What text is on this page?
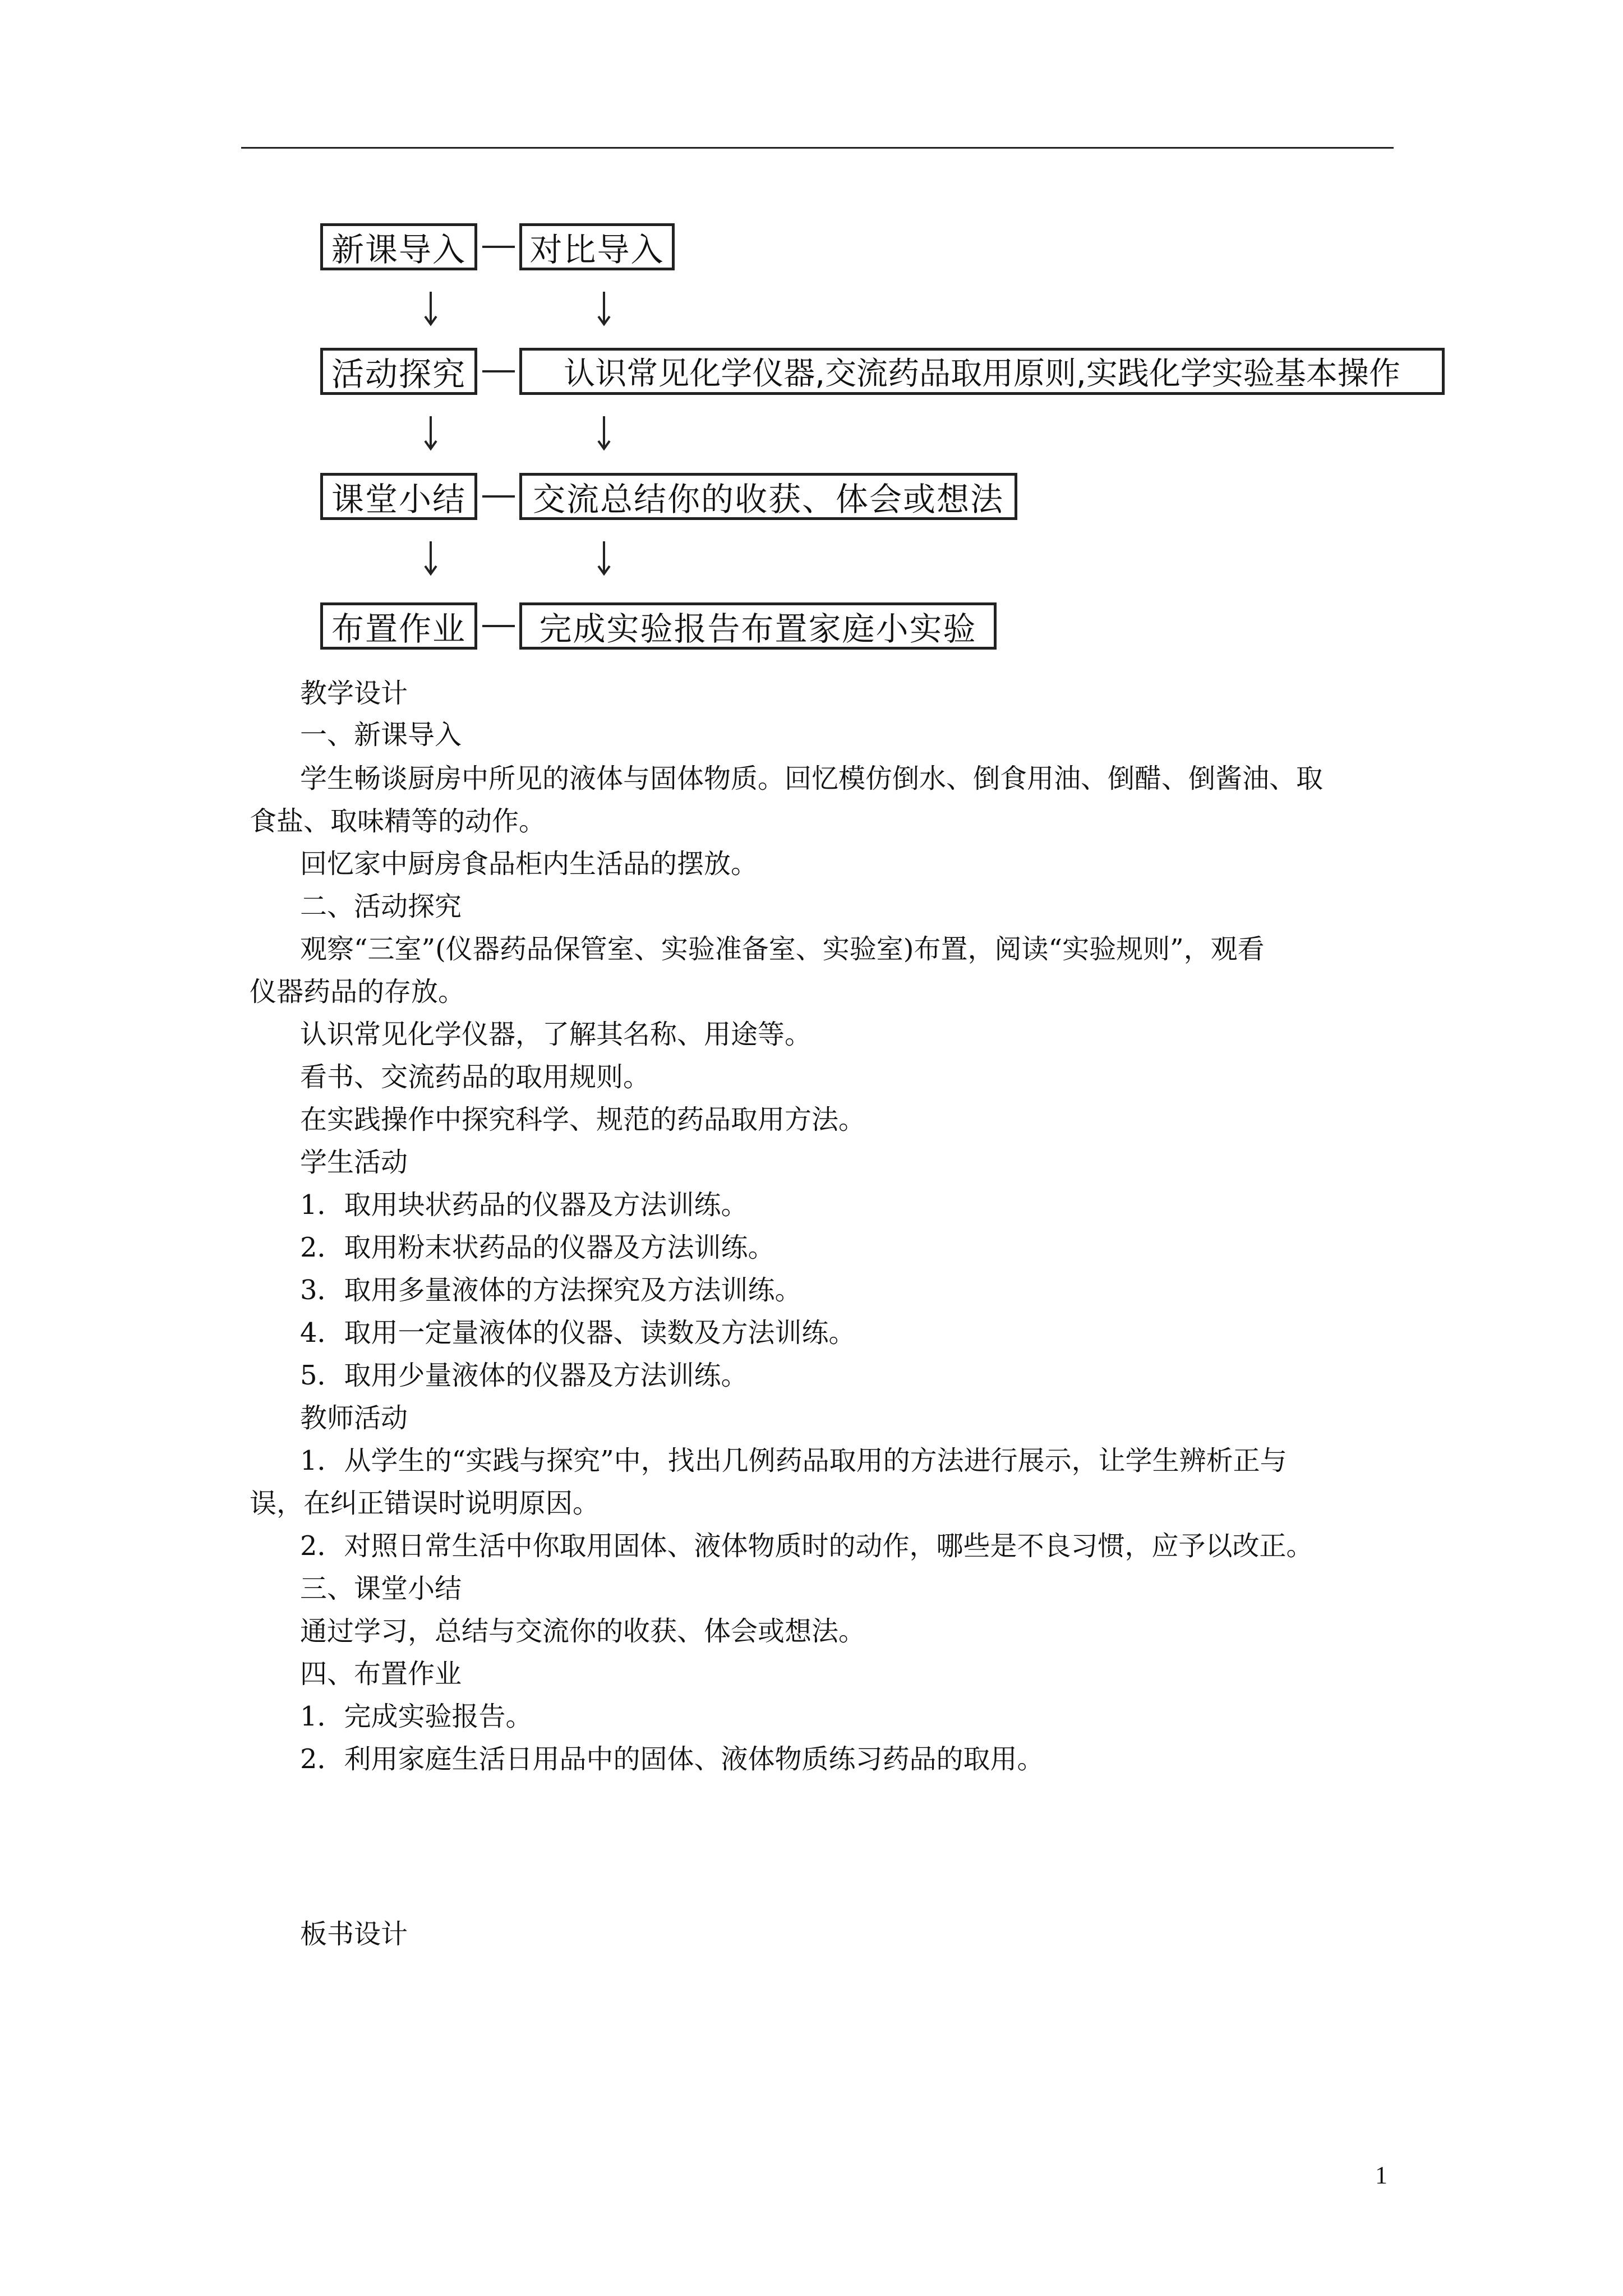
新课导入	对比导入
活动探究	认识常见化学仪器,交流药品取用原则,实践化学实验基本操作
课堂小结	交流总结你的收获、体会或想法
布置作业	完成实验报告布置家庭小实验
教学设计
一、新课导入
学生畅谈厨房中所见的液体与固体物质。回忆模仿倒水、倒食用油、倒醋、倒酱油、取
食盐、取味精等的动作。
回忆家中厨房食品柜内生活品的摆放。
二、活动探究
观察“三室”(仪器药品保管室、实验准备室、实验室)布置，阅读“实验规则”，观看
仪器药品的存放。
认识常见化学仪器，了解其名称、用途等。
看书、交流药品的取用规则。
在实践操作中探究科学、规范的药品取用方法。
学生活动
1．取用块状药品的仪器及方法训练。
2．取用粉末状药品的仪器及方法训练。
3．取用多量液体的方法探究及方法训练。
4．取用一定量液体的仪器、读数及方法训练。
5．取用少量液体的仪器及方法训练。
教师活动
1．从学生的“实践与探究”中，找出几例药品取用的方法进行展示，让学生辨析正与
误，在纠正错误时说明原因。
2．对照日常生活中你取用固体、液体物质时的动作，哪些是不良习惯，应予以改正。
三、课堂小结
通过学习，总结与交流你的收获、体会或想法。
四、布置作业
1．完成实验报告。
2．利用家庭生活日用品中的固体、液体物质练习药品的取用。
板书设计
1
